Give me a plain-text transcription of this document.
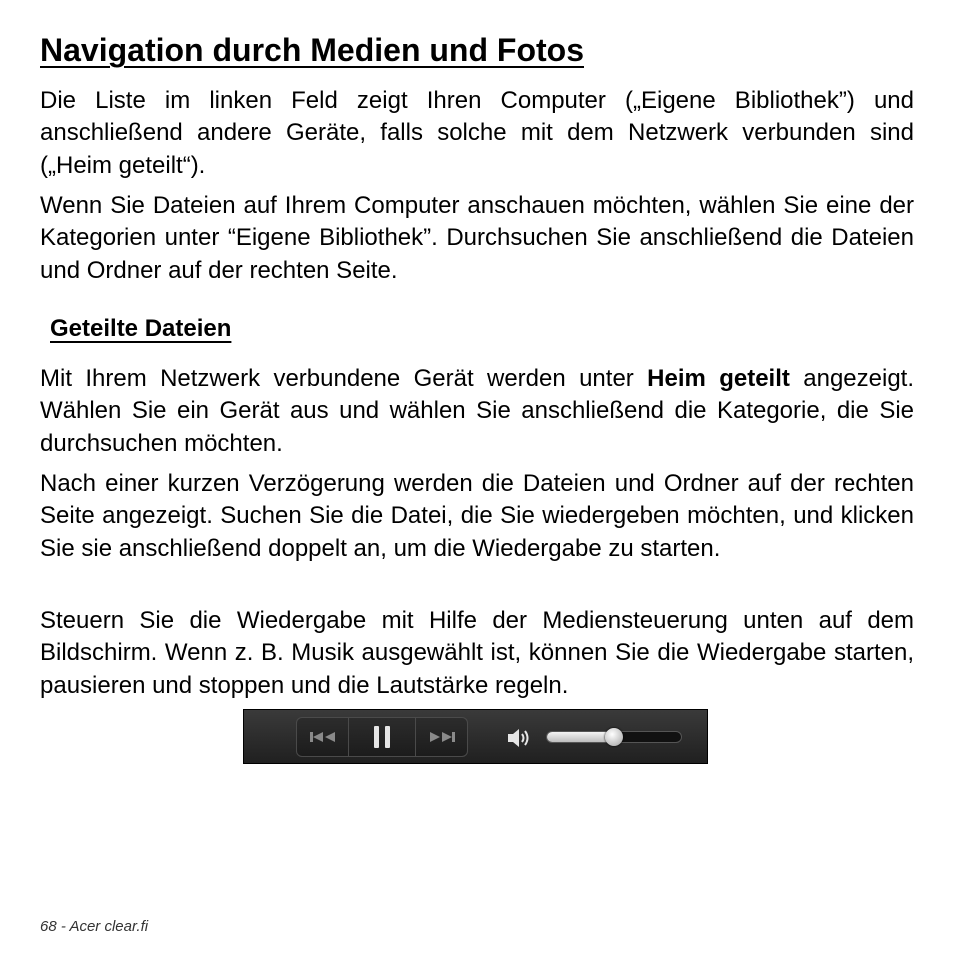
Navigation durch Medien und Fotos

Die Liste im linken Feld zeigt Ihren Computer („Eigene Bibliothek”) und anschließend andere Geräte, falls solche mit dem Netzwerk verbunden sind („Heim geteilt“).

Wenn Sie Dateien auf Ihrem Computer anschauen möchten, wählen Sie eine der Kategorien unter “Eigene Bibliothek”. Durchsuchen Sie anschließend die Dateien und Ordner auf der rechten Seite.

Geteilte Dateien

Mit Ihrem Netzwerk verbundene Gerät werden unter Heim geteilt angezeigt. Wählen Sie ein Gerät aus und wählen Sie anschließend die Kategorie, die Sie durchsuchen möchten.

Nach einer kurzen Verzögerung werden die Dateien und Ordner auf der rechten Seite angezeigt. Suchen Sie die Datei, die Sie wiedergeben möchten, und klicken Sie sie anschließend doppelt an, um die Wiedergabe zu starten.

Steuern Sie die Wiedergabe mit Hilfe der Mediensteuerung unten auf dem Bildschirm. Wenn z. B. Musik ausgewählt ist, können Sie die Wiedergabe starten, pausieren und stoppen und die Lautstärke regeln.

68 - Acer clear.fi
